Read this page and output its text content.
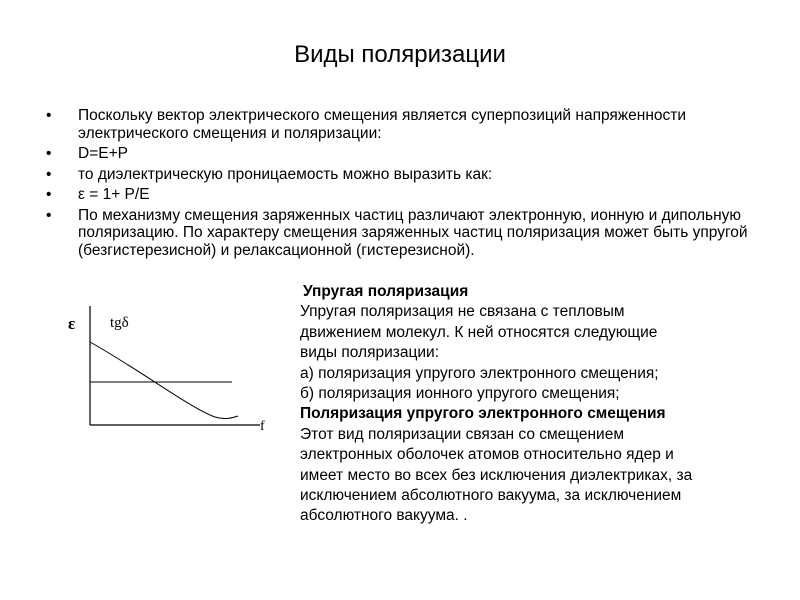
Виды поляризации
•	Поскольку вектор электрического смещения является суперпозиций напряженности электрического смещения и поляризации:
•	D=E+P
•	то диэлектрическую проницаемость можно выразить как:
•	ε = 1+ P/E
•	По механизму смещения заряженных частиц различают электронную, ионную и дипольную поляризацию. По характеру смещения заряженных частиц поляризация может быть упругой (безгистерезисной) и релаксационной (гистерезисной).
ε tgδ
f

Упругая поляризация

Упругая поляризация не связана с тепловым

движением молекул. К ней относятся следующие

виды поляризации:

а) поляризация упругого электронного смещения;

б) поляризация ионного упругого смещения;

Поляризация упругого электронного смещения

Этот вид поляризации связан со смещением

электронных оболочек атомов относительно ядер и

имеет место во всех без исключения диэлектриках, за

исключением абсолютного вакуума, за исключением

абсолютного вакуума. .
